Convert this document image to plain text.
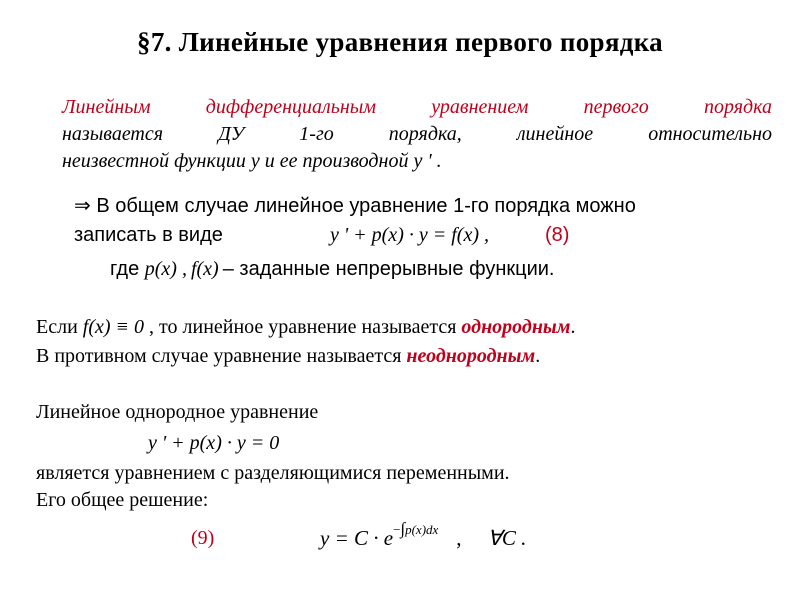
§7. Линейные уравнения первого порядка
Линейным дифференциальным уравнением первого порядка
называется ДУ 1-го порядка, линейное относительно
неизвестной функции y и ее производной y ' .
⇒ В общем случае линейное уравнение 1-го порядка можно
записать в виде	y ' + p(x) · y = f(x) ,	(8)
где p(x) , f(x) – заданные непрерывные функции.
Если f(x) ≡ 0 , то линейное уравнение называется однородным.
В противном случае уравнение называется неоднородным.
Линейное однородное уравнение
y ' + p(x) · y = 0
является уравнением с разделяющимися переменными.
Его общее решение:
(9)	$y = C \cdot e^{-\int p(x)dx}$ , ∀C .
